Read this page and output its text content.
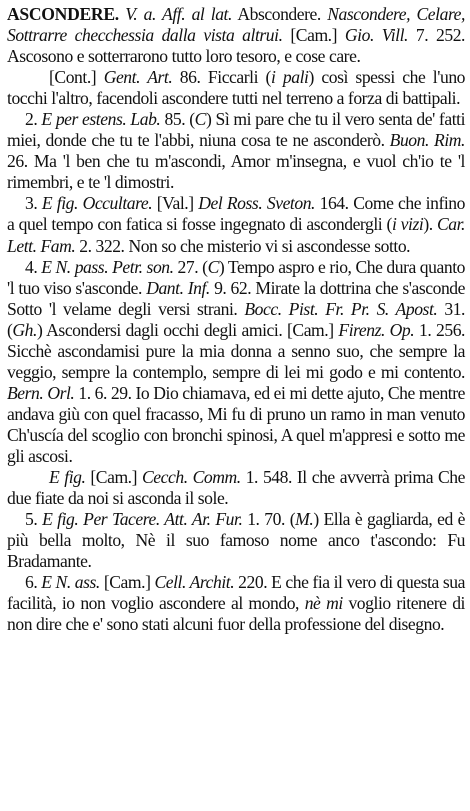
ASCONDERE. V. a. Aff. al lat. Abscondere. Nascondere, Celare, Sottrarre checchessia dalla vista altrui. [Cam.] Gio. Vill. 7. 252. Ascosono e sotterrarono tutto loro tesoro, e cose care.

[Cont.] Gent. Art. 86. Ficcarli (i pali) così spessi che l'uno tocchi l'altro, facendoli ascondere tutti nel terreno a forza di battipali.

2. E per estens. Lab. 85. (C) Sì mi pare che tu il vero senta de' fatti miei, donde che tu te l'abbi, niuna cosa te ne asconderò. Buon. Rim. 26. Ma 'l ben che tu m'ascondi, Amor m'insegna, e vuol ch'io te 'l rimembri, e te 'l dimostri.

3. E fig. Occultare. [Val.] Del Ross. Sveton. 164. Come che infino a quel tempo con fatica si fosse ingegnato di ascondergli (i vizi). Car. Lett. Fam. 2. 322. Non so che misterio vi si ascondesse sotto.

4. E N. pass. Petr. son. 27. (C) Tempo aspro e rio, Che dura quanto 'l tuo viso s'asconde. Dant. Inf. 9. 62. Mirate la dottrina che s'asconde Sotto 'l velame degli versi strani. Bocc. Pist. Fr. Pr. S. Apost. 31. (Gh.) Ascondersi dagli occhi degli amici. [Cam.] Firenz. Op. 1. 256. Sicchè ascondamisi pure la mia donna a senno suo, che sempre la veggio, sempre la contemplo, sempre di lei mi godo e mi contento. Bern. Orl. 1. 6. 29. Io Dio chiamava, ed ei mi dette ajuto, Che mentre andava giù con quel fracasso, Mi fu di pruno un ramo in man venuto Ch'uscía del scoglio con bronchi spinosi, A quel m'appresi e sotto me gli ascosi.

E fig. [Cam.] Cecch. Comm. 1. 548. Il che avverrà prima Che due fiate da noi si asconda il sole.

5. E fig. Per Tacere. Att. Ar. Fur. 1. 70. (M.) Ella è gagliarda, ed è più bella molto, Nè il suo famoso nome anco t'ascondo: Fu Bradamante.

6. E N. ass. [Cam.] Cell. Archit. 220. E che fia il vero di questa sua facilità, io non voglio ascondere al mondo, nè mi voglio ritenere di non dire che e' sono stati alcuni fuor della professione del disegno.
